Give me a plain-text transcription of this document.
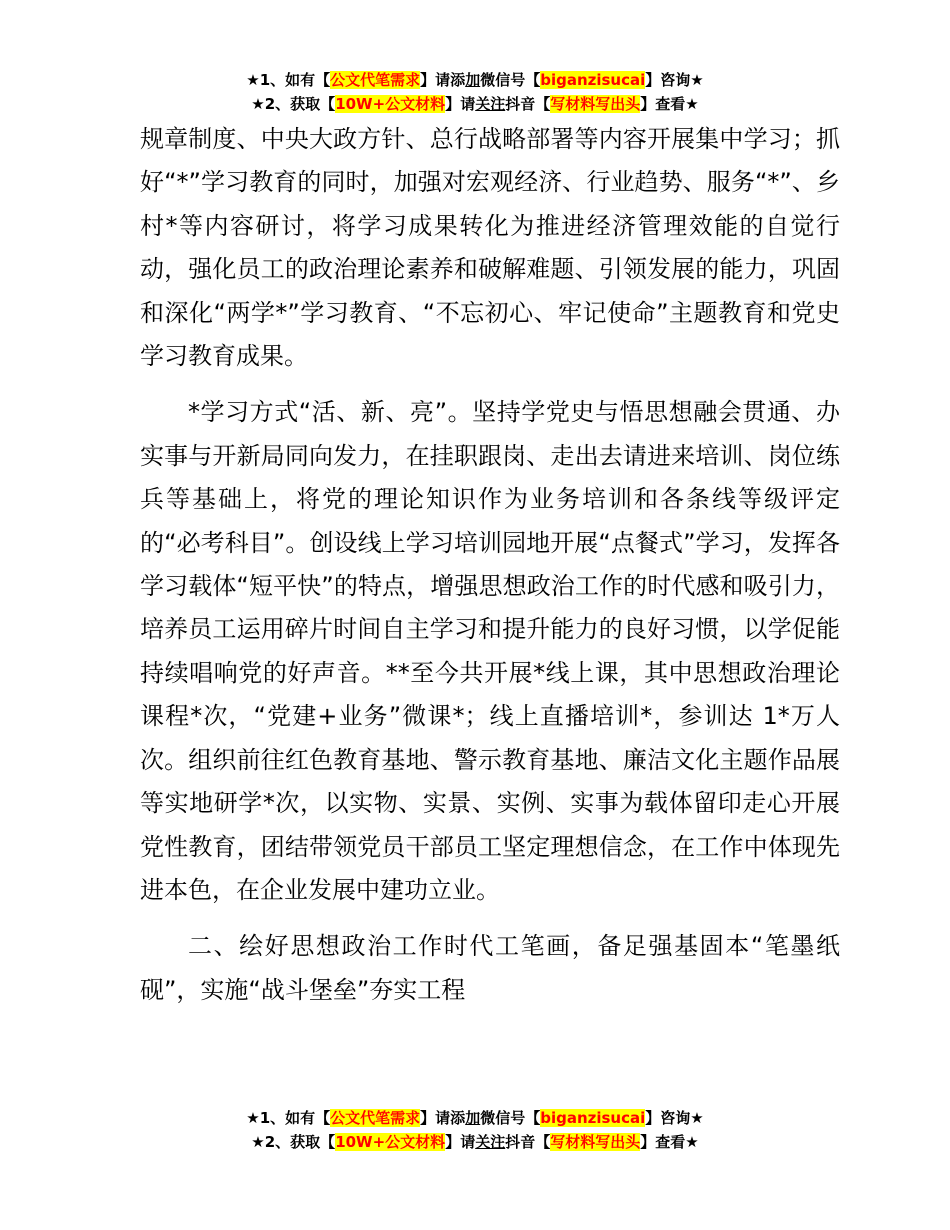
★1、如有【公文代笔需求】请添加微信号【biganzisucai】咨询★
★2、获取【10W+公文材料】请关注抖音【写材料写出头】查看★

规章制度、中央大政方针、总行战略部署等内容开展集中学习；抓好“*”学习教育的同时，加强对宏观经济、行业趋势、服务“*”、乡村*等内容研讨，将学习成果转化为推进经济管理效能的自觉行动，强化员工的政治理论素养和破解难题、引领发展的能力，巩固和深化“两学*”学习教育、“不忘初心、牢记使命”主题教育和党史学习教育成果。

*学习方式“活、新、亮”。坚持学党史与悟思想融会贯通、办实事与开新局同向发力，在挂职跟岗、走出去请进来培训、岗位练兵等基础上，将党的理论知识作为业务培训和各条线等级评定的“必考科目”。创设线上学习培训园地开展“点餐式”学习，发挥各学习载体“短平快”的特点，增强思想政治工作的时代感和吸引力，培养员工运用碎片时间自主学习和提升能力的良好习惯，以学促能持续唱响党的好声音。**至今共开展*线上课，其中思想政治理论课程*次，“党建+业务”微课*；线上直播培训*，参训达 1*万人次。组织前往红色教育基地、警示教育基地、廉洁文化主题作品展等实地研学*次，以实物、实景、实例、实事为载体留印走心开展党性教育，团结带领党员干部员工坚定理想信念，在工作中体现先进本色，在企业发展中建功立业。

二、绘好思想政治工作时代工笔画，备足强基固本“笔墨纸砚”，实施“战斗堡垒”夯实工程

★1、如有【公文代笔需求】请添加微信号【biganzisucai】咨询★
★2、获取【10W+公文材料】请关注抖音【写材料写出头】查看★
